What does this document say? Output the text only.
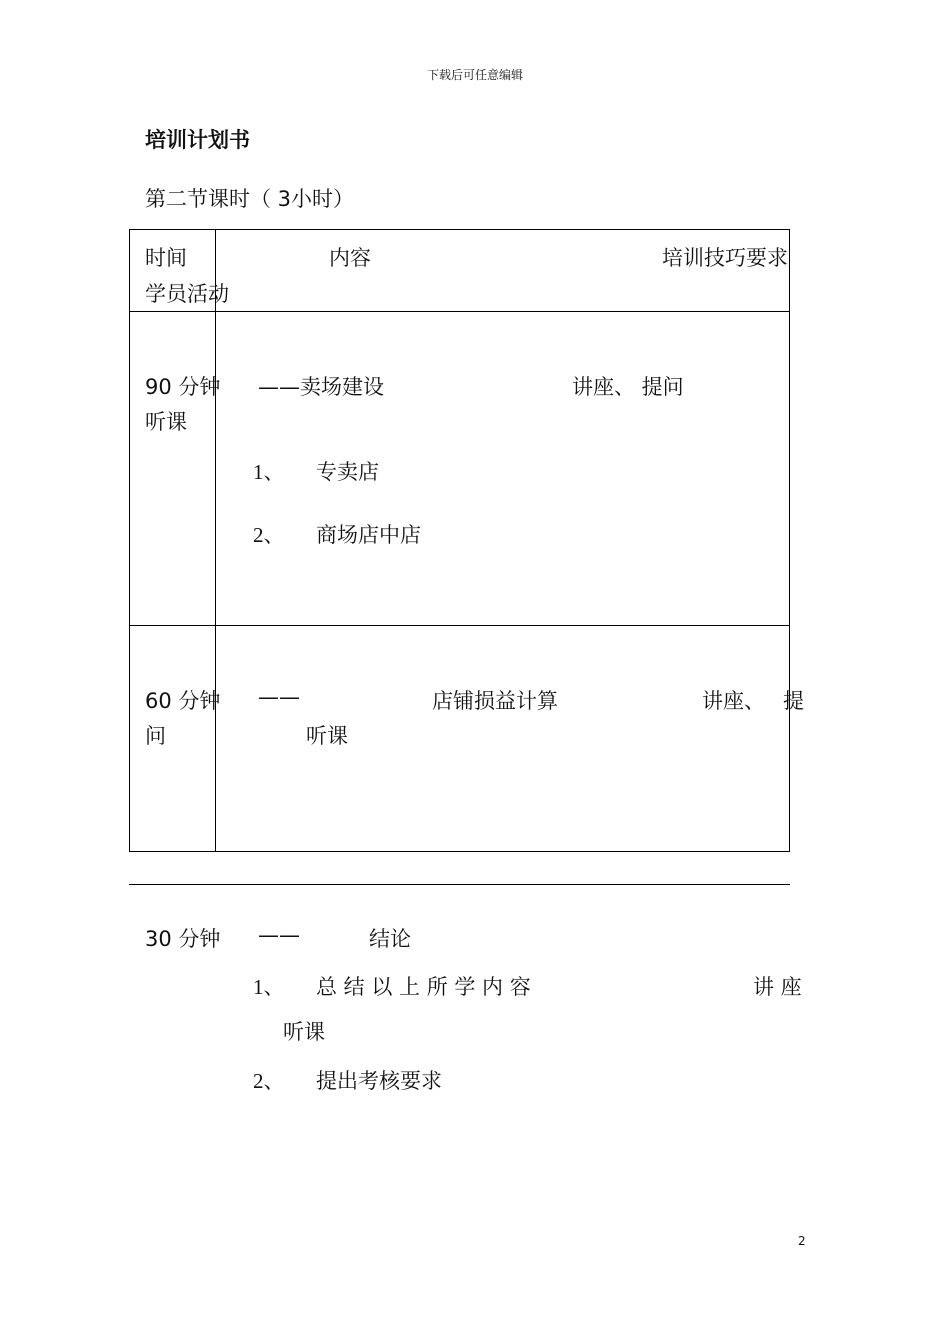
下载后可任意编辑
培训计划书
第二节课时（ 3小时）
时间	内容	培训技巧要求
学员活动
90 分钟 ——卖场建设	讲座、 提问
听课
1、 专卖店
2、 商场店中店
60 分钟 ——	店铺损益计算	讲座、 提
问	听课
30 分钟 ——	结论
1、 总 结 以 上 所 学 内 容	讲 座
听课
2、 提出考核要求
2
